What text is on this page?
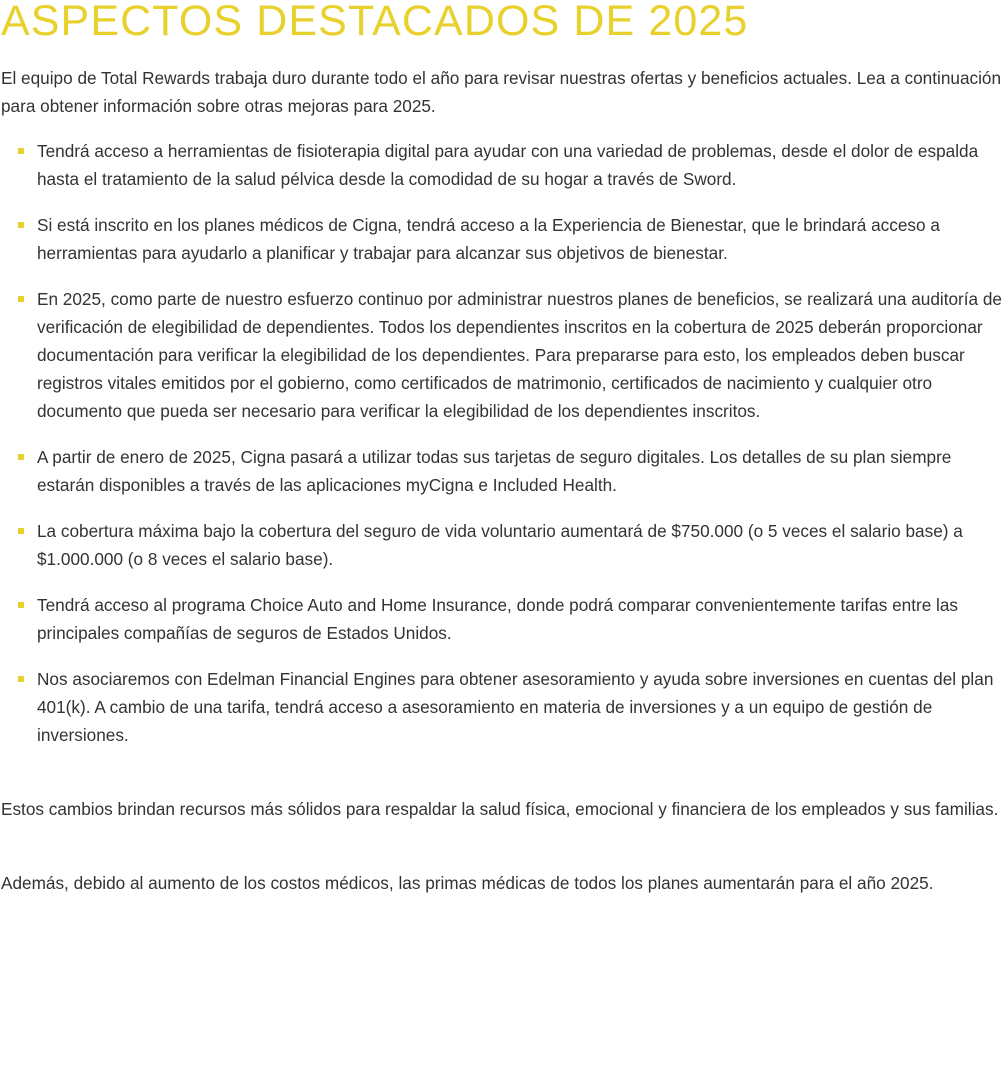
ASPECTOS DESTACADOS DE 2025

El equipo de Total Rewards trabaja duro durante todo el año para revisar nuestras ofertas y beneficios actuales. Lea a continuación para obtener información sobre otras mejoras para 2025.

Tendrá acceso a herramientas de fisioterapia digital para ayudar con una variedad de problemas, desde el dolor de espalda hasta el tratamiento de la salud pélvica desde la comodidad de su hogar a través de Sword.
Si está inscrito en los planes médicos de Cigna, tendrá acceso a la Experiencia de Bienestar, que le brindará acceso a herramientas para ayudarlo a planificar y trabajar para alcanzar sus objetivos de bienestar.
En 2025, como parte de nuestro esfuerzo continuo por administrar nuestros planes de beneficios, se realizará una auditoría de verificación de elegibilidad de dependientes. Todos los dependientes inscritos en la cobertura de 2025 deberán proporcionar documentación para verificar la elegibilidad de los dependientes. Para prepararse para esto, los empleados deben buscar registros vitales emitidos por el gobierno, como certificados de matrimonio, certificados de nacimiento y cualquier otro documento que pueda ser necesario para verificar la elegibilidad de los dependientes inscritos.
A partir de enero de 2025, Cigna pasará a utilizar todas sus tarjetas de seguro digitales. Los detalles de su plan siempre estarán disponibles a través de las aplicaciones myCigna e Included Health.
La cobertura máxima bajo la cobertura del seguro de vida voluntario aumentará de $750.000 (o 5 veces el salario base) a $1.000.000 (o 8 veces el salario base).
Tendrá acceso al programa Choice Auto and Home Insurance, donde podrá comparar convenientemente tarifas entre las principales compañías de seguros de Estados Unidos.
Nos asociaremos con Edelman Financial Engines para obtener asesoramiento y ayuda sobre inversiones en cuentas del plan 401(k). A cambio de una tarifa, tendrá acceso a asesoramiento en materia de inversiones y a un equipo de gestión de inversiones.

Estos cambios brindan recursos más sólidos para respaldar la salud física, emocional y financiera de los empleados y sus familias.

Además, debido al aumento de los costos médicos, las primas médicas de todos los planes aumentarán para el año 2025.
